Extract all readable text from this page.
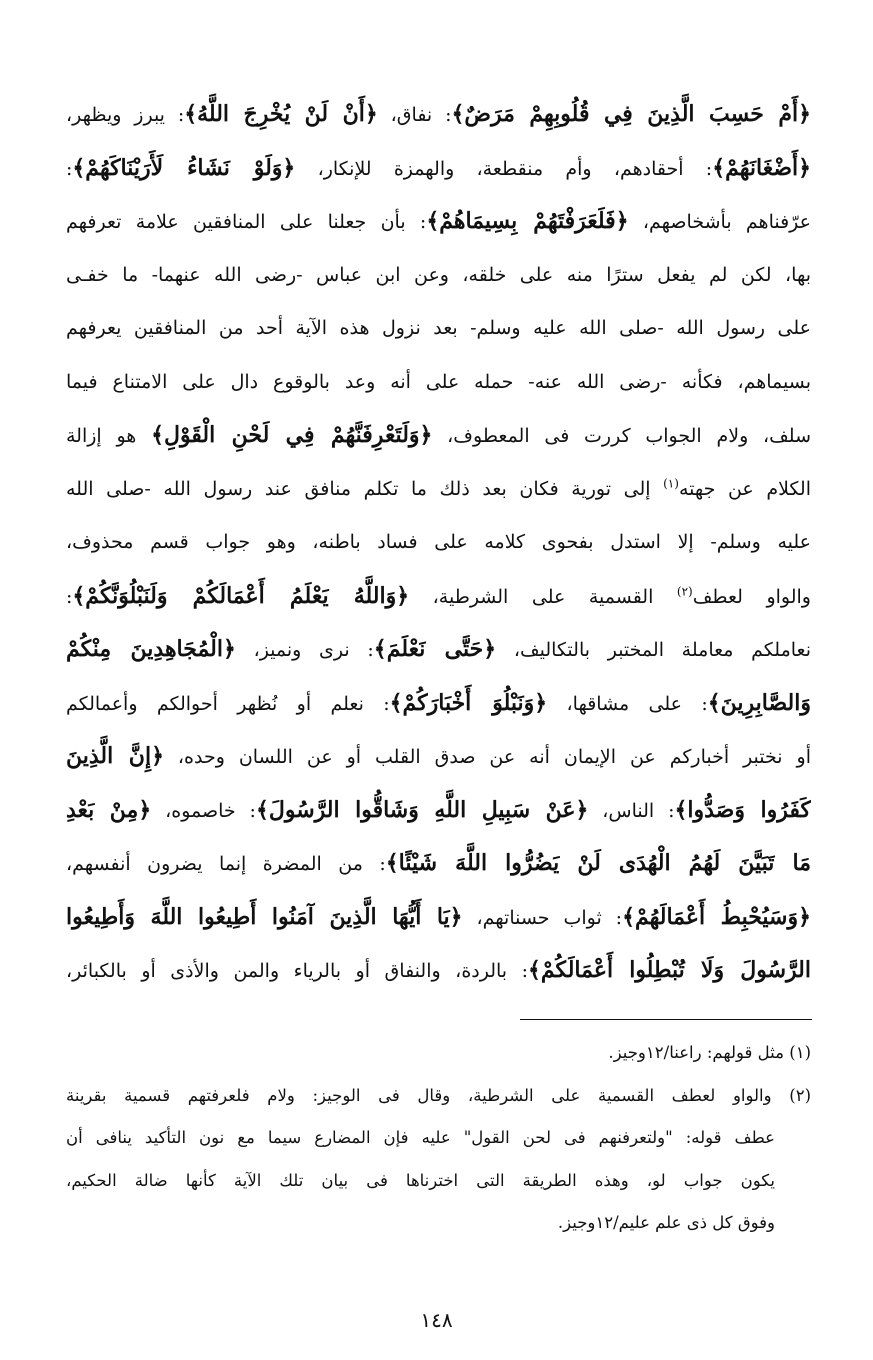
﴿أَمْ حَسِبَ الَّذِينَ فِي قُلُوبِهِمْ مَرَضٌ﴾: نفاق، ﴿أَنْ لَنْ يُخْرِجَ اللَّهُ﴾: يبرز ويظهر،
﴿أَضْغَانَهُمْ﴾: أحقادهم، وأم منقطعة، والهمزة للإنكار، ﴿وَلَوْ نَشَاءُ لَأَرَيْنَاكَهُمْ﴾:
عرّفناهم بأشخاصهم، ﴿فَلَعَرَفْتَهُمْ بِسِيمَاهُمْ﴾: بأن جعلنا على المنافقين علامة تعرفهم
بها، لكن لم يفعل سترًا منه على خلقه، وعن ابن عباس -رضى الله عنهما- ما خفـى
على رسول الله -صلى الله عليه وسلم- بعد نزول هذه الآية أحد من المنافقين يعرفهم
بسيماهم، فكأنه -رضى الله عنه- حمله على أنه وعد بالوقوع دال على الامتناع فيما
سلف، ولام الجواب كررت فى المعطوف، ﴿وَلَتَعْرِفَنَّهُمْ فِي لَحْنِ الْقَوْلِ﴾ هو إزالة
الكلام عن جهته$^{(١)}$ إلى تورية فكان بعد ذلك ما تكلم منافق عند رسول الله -صلى الله
عليه وسلم- إلا استدل بفحوى كلامه على فساد باطنه، وهو جواب قسم محذوف،
والواو لعطف$^{(٢)}$ القسمية على الشرطية، ﴿وَاللَّهُ يَعْلَمُ أَعْمَالَكُمْ وَلَنَبْلُوَنَّكُمْ﴾:
نعاملكم معاملة المختبر بالتكاليف، ﴿حَتَّى نَعْلَمَ﴾: نرى ونميز، ﴿الْمُجَاهِدِينَ مِنْكُمْ
وَالصَّابِرِينَ﴾: على مشاقها، ﴿وَنَبْلُوَ أَخْبَارَكُمْ﴾: نعلم أو نُظهر أحوالكم وأعمالكم
أو نختبر أخباركم عن الإيمان أنه عن صدق القلب أو عن اللسان وحده، ﴿إِنَّ الَّذِينَ
كَفَرُوا وَصَدُّوا﴾: الناس، ﴿عَنْ سَبِيلِ اللَّهِ وَشَاقُّوا الرَّسُولَ﴾: خاصموه، ﴿مِنْ بَعْدِ
مَا تَبَيَّنَ لَهُمُ الْهُدَى لَنْ يَضُرُّوا اللَّهَ شَيْئًا﴾: من المضرة إنما يضرون أنفسهم،
﴿وَسَيُحْبِطُ أَعْمَالَهُمْ﴾: ثواب حسناتهم، ﴿يَا أَيُّهَا الَّذِينَ آمَنُوا أَطِيعُوا اللَّهَ وَأَطِيعُوا
الرَّسُولَ وَلَا تُبْطِلُوا أَعْمَالَكُمْ﴾: بالردة، والنفاق أو بالرياء والمن والأذى أو بالكبائر،
(١) مثل قولهم: راعنا/١٢وجيز.
(٢) والواو لعطف القسمية على الشرطية، وقال فى الوجيز: ولام فلعرفتهم قسمية بقرينة
عطف قوله: "ولتعرفنهم فى لحن القول" عليه فإن المضارع سيما مع نون التأكيد ينافى أن
يكون جواب لو، وهذه الطريقة التى اخترناها فى بيان تلك الآية كأنها ضالة الحكيم،
وفوق كل ذى علم عليم/١٢وجيز.
١٤٨
